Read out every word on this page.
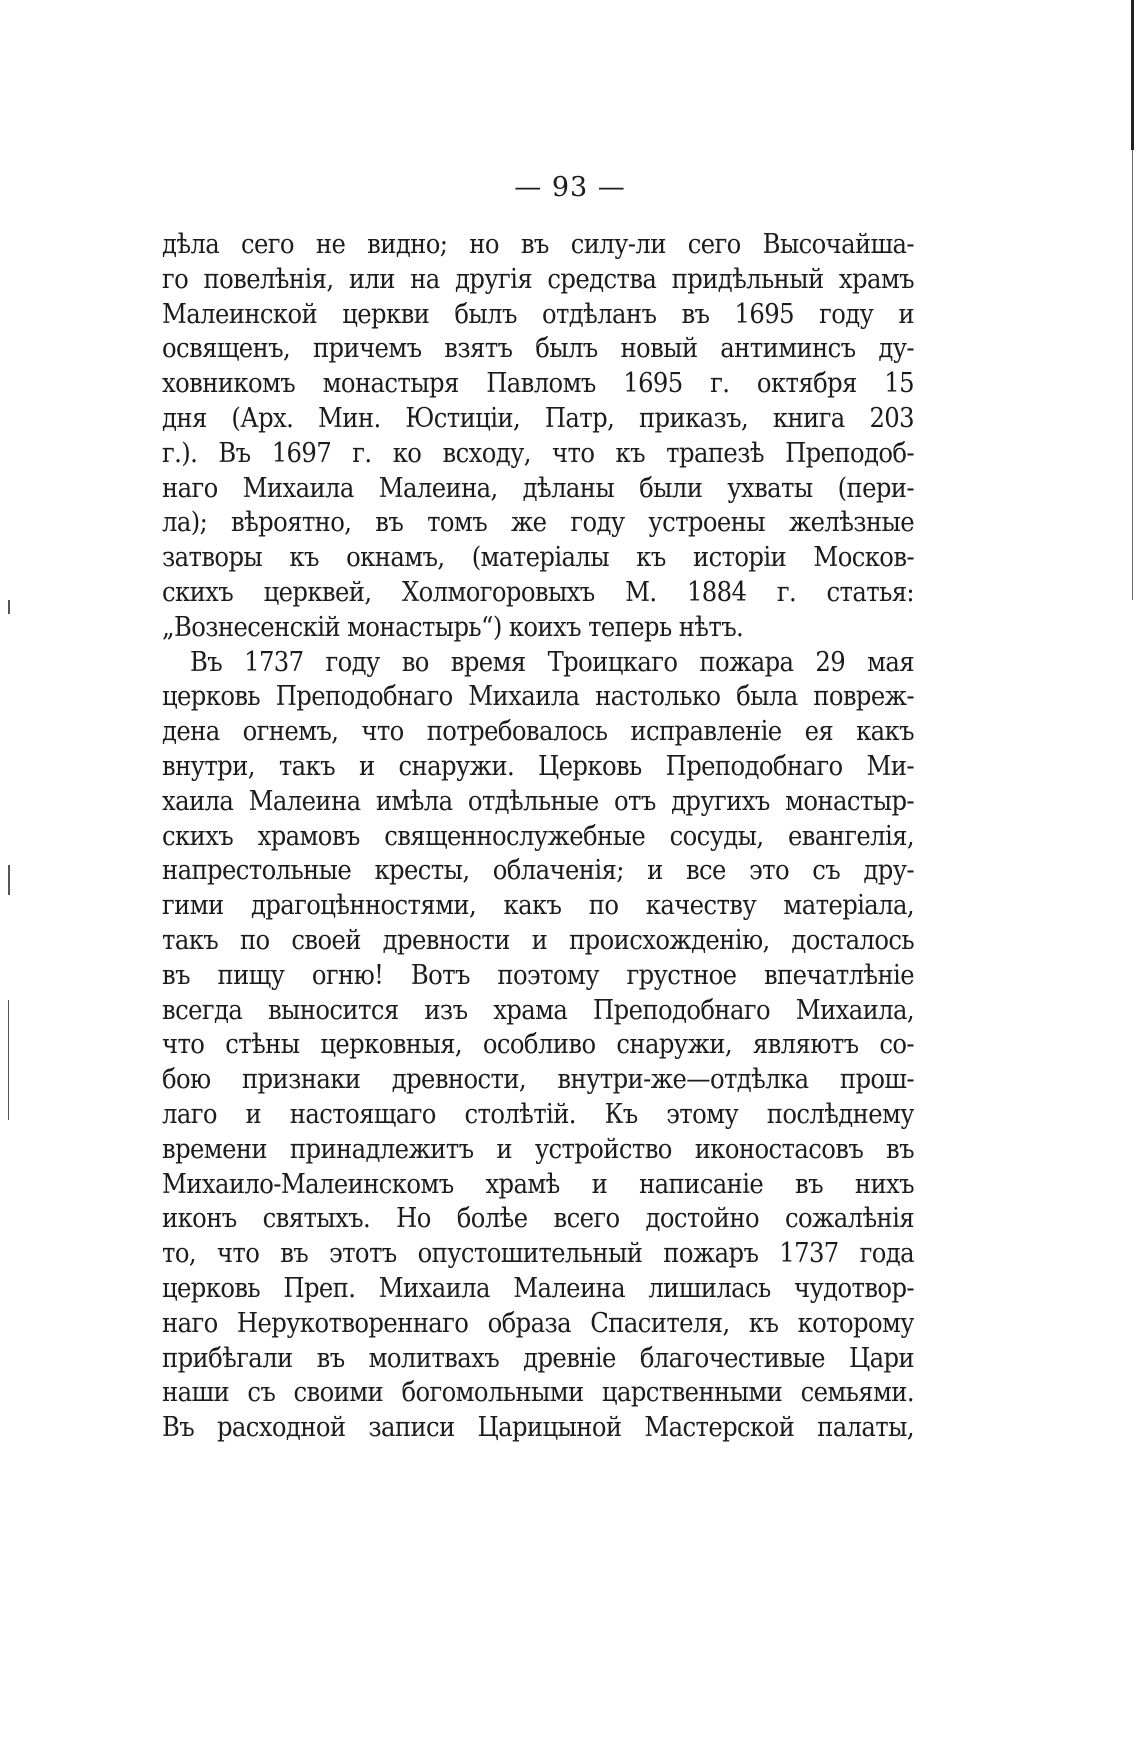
— 93 —
дѣла сего не видно; но въ силу-ли сего Высочайша-
го повелѣнія, или на другія средства придѣльный храмъ
Малеинской церкви былъ отдѣланъ въ 1695 году и
освященъ, причемъ взятъ былъ новый антиминсъ ду-
ховникомъ монастыря Павломъ 1695 г. октября 15
дня (Арх. Мин. Юстиціи, Патр, приказъ, книга 203
г.). Въ 1697 г. ко всходу, что къ трапезѣ Преподоб-
наго Михаила Малеина, дѣланы были ухваты (пери-
ла); вѣроятно, въ томъ же году устроены желѣзные
затворы къ окнамъ, (матеріалы къ исторіи Москов-
скихъ церквей, Холмогоровыхъ М. 1884 г. статья:
„Вознесенскій монастырь“) коихъ теперь нѣтъ.
Въ 1737 году во время Троицкаго пожара 29 мая
церковь Преподобнаго Михаила настолько была повреж-
дена огнемъ, что потребовалось исправленіе ея какъ
внутри, такъ и снаружи. Церковь Преподобнаго Ми-
хаила Малеина имѣла отдѣльные отъ другихъ монастыр-
скихъ храмовъ священнослужебные сосуды, евангелія,
напрестольные кресты, облаченія; и все это съ дру-
гими драгоцѣнностями, какъ по качеству матеріала,
такъ по своей древности и происхожденію, досталось
въ пищу огню! Вотъ поэтому грустное впечатлѣніе
всегда выносится изъ храма Преподобнаго Михаила,
что стѣны церковныя, особливо снаружи, являютъ со-
бою признаки древности, внутри-же—отдѣлка прош-
лаго и настоящаго столѣтій. Къ этому послѣднему
времени принадлежитъ и устройство иконостасовъ въ
Михаило-Малеинскомъ храмѣ и написаніе въ нихъ
иконъ святыхъ. Но болѣе всего достойно сожалѣнія
то, что въ этотъ опустошительный пожаръ 1737 года
церковь Преп. Михаила Малеина лишилась чудотвор-
наго Нерукотвореннаго образа Спасителя, къ которому
прибѣгали въ молитвахъ древніе благочестивые Цари
наши съ своими богомольными царственными семьями.
Въ расходной записи Царицыной Мастерской палаты,
